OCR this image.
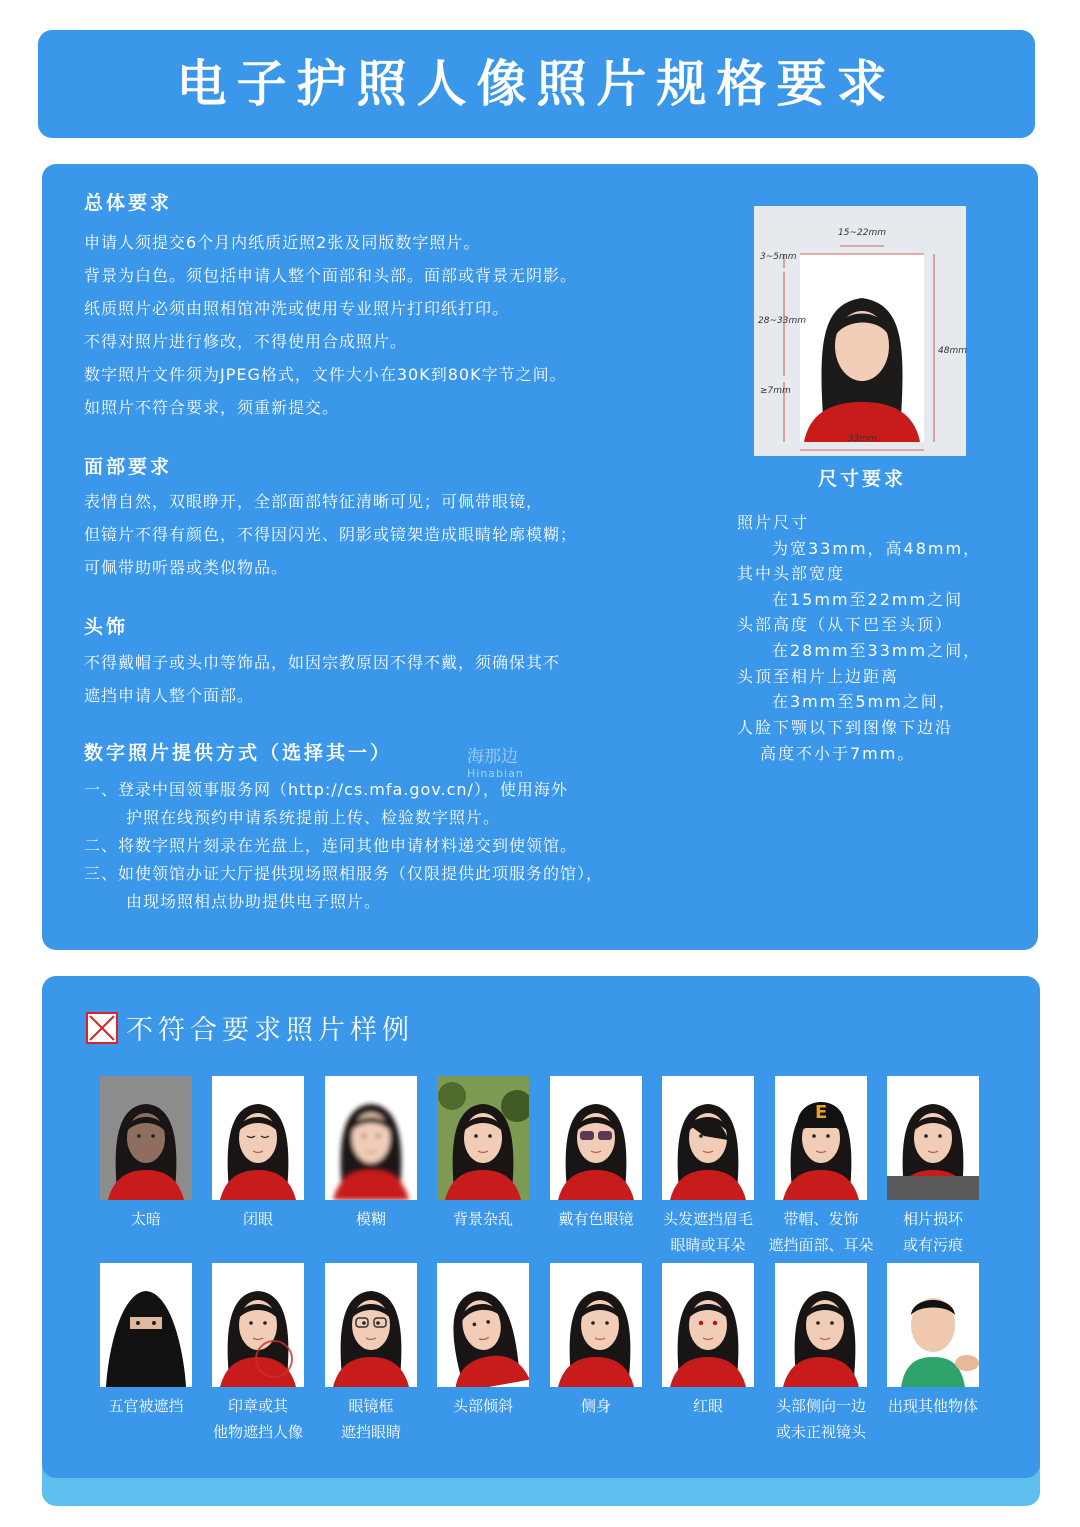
电子护照人像照片规格要求
总体要求
申请人须提交6个月内纸质近照2张及同版数字照片。
背景为白色。须包括申请人整个面部和头部。面部或背景无阴影。
纸质照片必须由照相馆冲洗或使用专业照片打印纸打印。
不得对照片进行修改，不得使用合成照片。
数字照片文件须为JPEG格式，文件大小在30K到80K字节之间。
如照片不符合要求，须重新提交。
面部要求
表情自然，双眼睁开，全部面部特征清晰可见；可佩带眼镜，
但镜片不得有颜色，不得因闪光、阴影或镜架造成眼睛轮廓模糊；
可佩带助听器或类似物品。
头饰
不得戴帽子或头巾等饰品，如因宗教原因不得不戴，须确保其不
遮挡申请人整个面部。
数字照片提供方式（选择其一）
一、登录中国领事服务网（http://cs.mfa.gov.cn/），使用海外
护照在线预约申请系统提前上传、检验数字照片。
二、将数字照片刻录在光盘上，连同其他申请材料递交到使领馆。
三、如使领馆办证大厅提供现场照相服务（仅限提供此项服务的馆），
由现场照相点协助提供电子照片。
海那边
Hinabian
15~22mm
3~5mm
28~33mm
48mm
≥7mm
33mm
尺寸要求
照片尺寸
为宽33mm，高48mm，
其中头部宽度
在15mm至22mm之间
头部高度（从下巴至头顶）
在28mm至33mm之间，
头顶至相片上边距离
在3mm至5mm之间，
人脸下颚以下到图像下边沿
高度不小于7mm。
不符合要求照片样例
太暗	闭眼	模糊	背景杂乱	戴有色眼镜	头发遮挡眉毛
眼睛或耳朵
E
带帽、发饰
遮挡面部、耳朵
相片损坏
或有污痕
五官被遮挡	印章或其
他物遮挡人像
眼镜框
遮挡眼睛
头部倾斜	侧身	红眼	头部侧向一边
或未正视镜头
出现其他物体
